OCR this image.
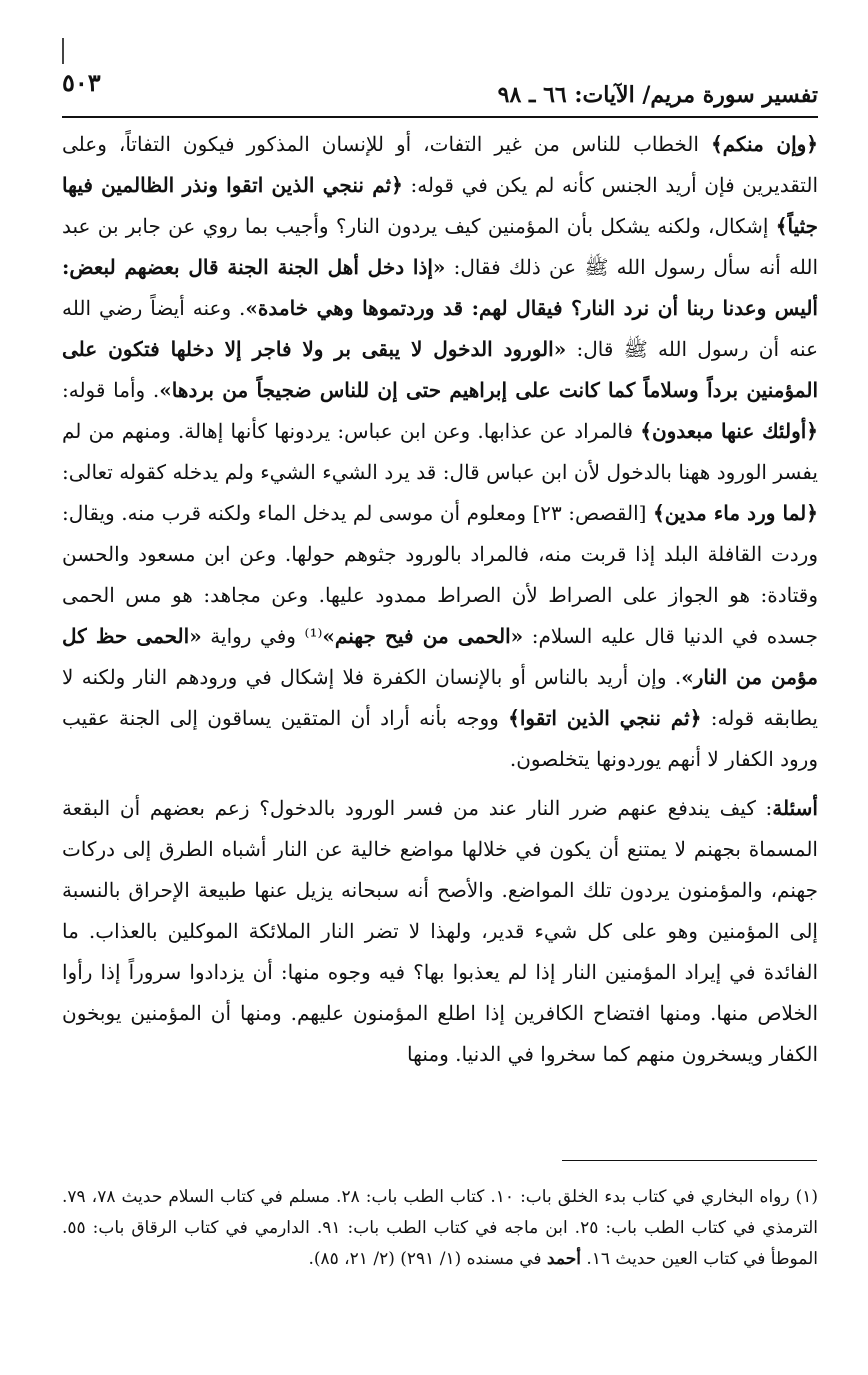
تفسير سورة مريم/ الآيات: ٦٦ ـ ٩٨
٥٠٣

﴿وإن منكم﴾ الخطاب للناس من غير التفات، أو للإنسان المذكور فيكون التفاتاً، وعلى التقديرين فإن أريد الجنس كأنه لم يكن في قوله: ﴿ثم ننجي الذين اتقوا ونذر الظالمين فيها جثياً﴾ إشكال، ولكنه يشكل بأن المؤمنين كيف يردون النار؟ وأجيب بما روي عن جابر بن عبد الله أنه سأل رسول الله ﷺ عن ذلك فقال: «إذا دخل أهل الجنة الجنة قال بعضهم لبعض: أليس وعدنا ربنا أن نرد النار؟ فيقال لهم: قد وردتموها وهي خامدة». وعنه أيضاً رضي الله عنه أن رسول الله ﷺ قال: «الورود الدخول لا يبقى بر ولا فاجر إلا دخلها فتكون على المؤمنين برداً وسلاماً كما كانت على إبراهيم حتى إن للناس ضجيجاً من بردها». وأما قوله: ﴿أولئك عنها مبعدون﴾ فالمراد عن عذابها. وعن ابن عباس: يردونها كأنها إهالة. ومنهم من لم يفسر الورود ههنا بالدخول لأن ابن عباس قال: قد يرد الشيء الشيء ولم يدخله كقوله تعالى: ﴿لما ورد ماء مدين﴾ [القصص: ٢٣] ومعلوم أن موسى لم يدخل الماء ولكنه قرب منه. ويقال: وردت القافلة البلد إذا قربت منه، فالمراد بالورود جثوهم حولها. وعن ابن مسعود والحسن وقتادة: هو الجواز على الصراط لأن الصراط ممدود عليها. وعن مجاهد: هو مس الحمى جسده في الدنيا قال عليه السلام: «الحمى من فيح جهنم»⁽¹⁾ وفي رواية «الحمى حظ كل مؤمن من النار». وإن أريد بالناس أو بالإنسان الكفرة فلا إشكال في ورودهم النار ولكنه لا يطابقه قوله: ﴿ثم ننجي الذين اتقوا﴾ ووجه بأنه أراد أن المتقين يساقون إلى الجنة عقيب ورود الكفار لا أنهم يوردونها يتخلصون.

أسئلة: كيف يندفع عنهم ضرر النار عند من فسر الورود بالدخول؟ زعم بعضهم أن البقعة المسماة بجهنم لا يمتنع أن يكون في خلالها مواضع خالية عن النار أشباه الطرق إلى دركات جهنم، والمؤمنون يردون تلك المواضع. والأصح أنه سبحانه يزيل عنها طبيعة الإحراق بالنسبة إلى المؤمنين وهو على كل شيء قدير، ولهذا لا تضر النار الملائكة الموكلين بالعذاب. ما الفائدة في إيراد المؤمنين النار إذا لم يعذبوا بها؟ فيه وجوه منها: أن يزدادوا سروراً إذا رأوا الخلاص منها. ومنها افتضاح الكافرين إذا اطلع المؤمنون عليهم. ومنها أن المؤمنين يوبخون الكفار ويسخرون منهم كما سخروا في الدنيا. ومنها

(١) رواه البخاري في كتاب بدء الخلق باب: ١٠. كتاب الطب باب: ٢٨. مسلم في كتاب السلام حديث ٧٨، ٧٩. الترمذي في كتاب الطب باب: ٢٥. ابن ماجه في كتاب الطب باب: ٩١. الدارمي في كتاب الرقاق باب: ٥٥. الموطأ في كتاب العين حديث ١٦. أحمد في مسنده (١/ ٢٩١) (٢/ ٢١، ٨٥).
